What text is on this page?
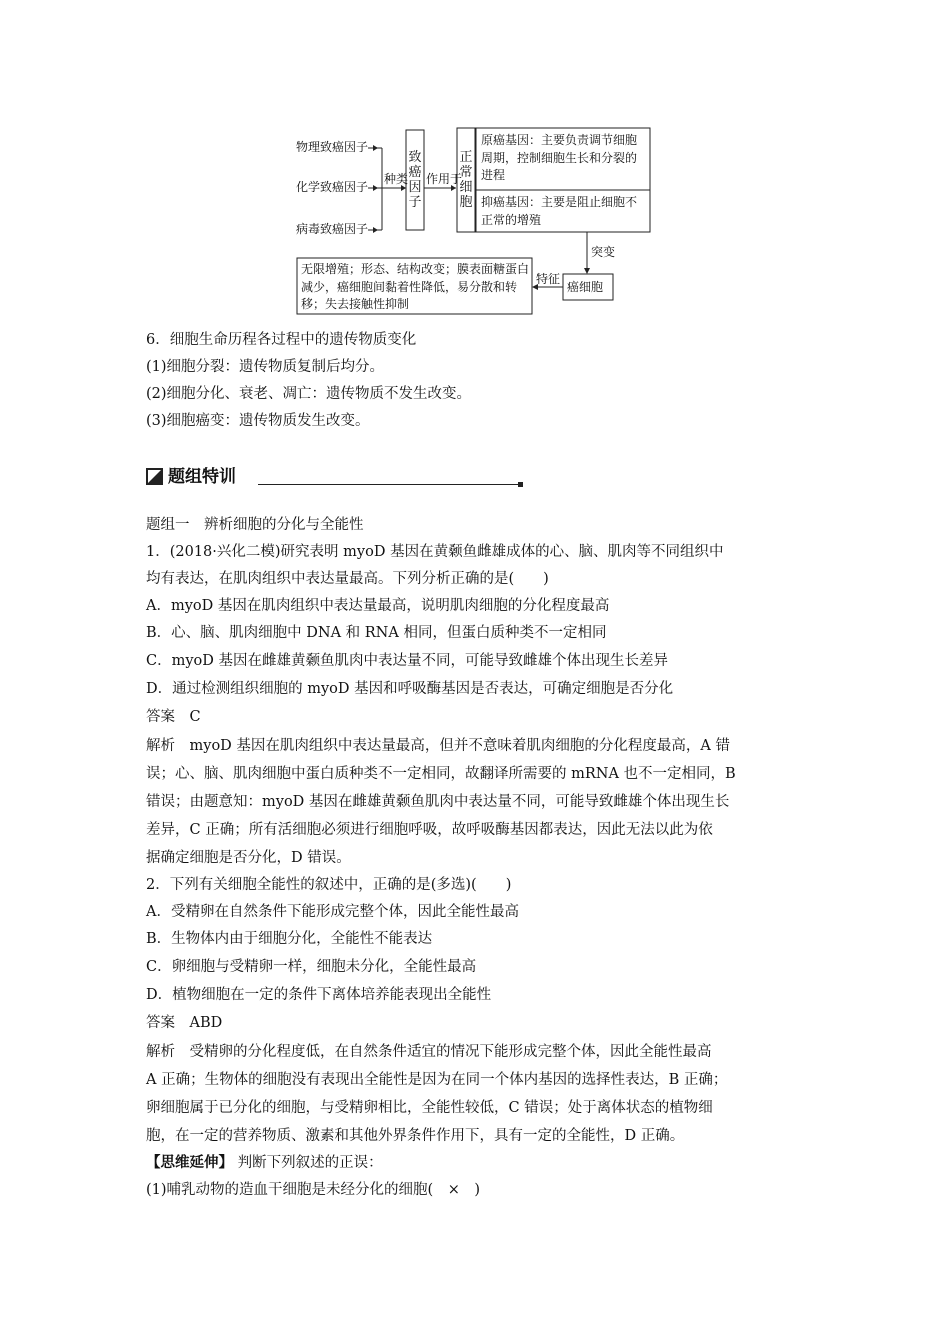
物理致癌因子
化学致癌因子
病毒致癌因子
种类
致癌因子
作用于
正常细胞
原癌基因：主要负责调节细胞周期，控制细胞生长和分裂的进程
抑癌基因：主要是阻止细胞不正常的增殖
突变
癌细胞
特征
无限增殖；形态、结构改变；膜表面糖蛋白减少，癌细胞间黏着性降低，易分散和转移；失去接触性抑制
6．细胞生命历程各过程中的遗传物质变化
(1)细胞分裂：遗传物质复制后均分。
(2)细胞分化、衰老、凋亡：遗传物质不发生改变。
(3)细胞癌变：遗传物质发生改变。
题组特训
题组一　辨析细胞的分化与全能性
1．(2018·兴化二模)研究表明 myoD 基因在黄颡鱼雌雄成体的心、脑、肌肉等不同组织中
均有表达，在肌肉组织中表达量最高。下列分析正确的是(　　)
A．myoD 基因在肌肉组织中表达量最高，说明肌肉细胞的分化程度最高
B．心、脑、肌肉细胞中 DNA 和 RNA 相同，但蛋白质种类不一定相同
C．myoD 基因在雌雄黄颡鱼肌肉中表达量不同，可能导致雌雄个体出现生长差异
D．通过检测组织细胞的 myoD 基因和呼吸酶基因是否表达，可确定细胞是否分化
答案　C
解析　myoD 基因在肌肉组织中表达量最高，但并不意味着肌肉细胞的分化程度最高，A 错
误；心、脑、肌肉细胞中蛋白质种类不一定相同，故翻译所需要的 mRNA 也不一定相同，B
错误；由题意知：myoD 基因在雌雄黄颡鱼肌肉中表达量不同，可能导致雌雄个体出现生长
差异，C 正确；所有活细胞必须进行细胞呼吸，故呼吸酶基因都表达，因此无法以此为依
据确定细胞是否分化，D 错误。
2．下列有关细胞全能性的叙述中，正确的是(多选)(　　)
A．受精卵在自然条件下能形成完整个体，因此全能性最高
B．生物体内由于细胞分化，全能性不能表达
C．卵细胞与受精卵一样，细胞未分化，全能性最高
D．植物细胞在一定的条件下离体培养能表现出全能性
答案　ABD
解析　受精卵的分化程度低，在自然条件适宜的情况下能形成完整个体，因此全能性最高
A 正确；生物体的细胞没有表现出全能性是因为在同一个体内基因的选择性表达，B 正确；
卵细胞属于已分化的细胞，与受精卵相比，全能性较低，C 错误；处于离体状态的植物细
胞，在一定的营养物质、激素和其他外界条件作用下，具有一定的全能性，D 正确。
【思维延伸】 判断下列叙述的正误：
(1)哺乳动物的造血干细胞是未经分化的细胞(　×　)
